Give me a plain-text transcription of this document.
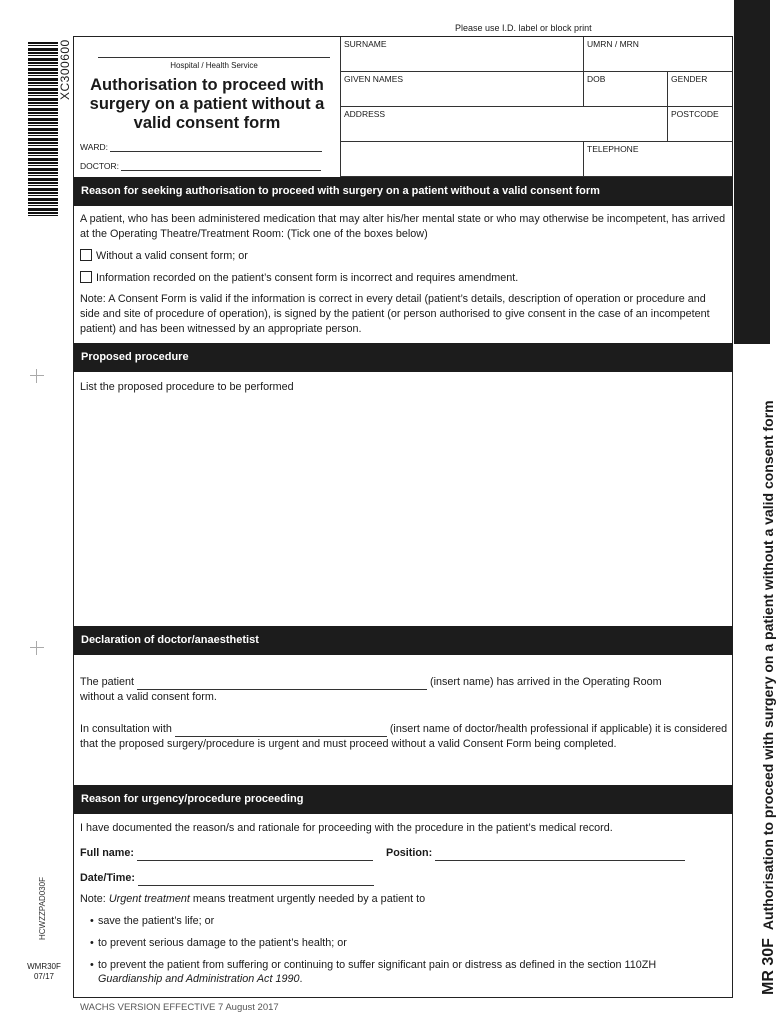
Please use I.D. label or block print
XC300600	Hospital / Health Service
Authorisation to proceed with surgery on a patient without a valid consent form
WARD:
DOCTOR:
SURNAME	UMRN / MRN
GIVEN NAMES	DOB	GENDER
ADDRESS	POSTCODE
TELEPHONE
Reason for seeking authorisation to proceed with surgery on a patient without a valid consent form
A patient, who has been administered medication that may alter his/her mental state or who may otherwise be incompetent, has arrived at the Operating Theatre/Treatment Room: (Tick one of the boxes below)
Without a valid consent form; or
Information recorded on the patient’s consent form is incorrect and requires amendment.
Note: A Consent Form is valid if the information is correct in every detail (patient’s details, description of operation or procedure and side and site of procedure of operation), is signed by the patient (or person authorised to give consent in the case of an incompetent patient) and has been witnessed by an appropriate person.
Proposed procedure
List the proposed procedure to be performed
Declaration of doctor/anaesthetist
The patient	(insert name) has arrived in the Operating Room
without a valid consent form.
In consultation with	(insert name of doctor/health professional if applicable) it is considered that the proposed surgery/procedure is urgent and must proceed without a valid Consent Form being completed.
Reason for urgency/procedure proceeding
I have documented the reason/s and rationale for proceeding with the procedure in the patient’s medical record.
Full name:	Position:
Date/Time:
Note: Urgent treatment means treatment urgently needed by a patient to
• save the patient’s life; or
• to prevent serious damage to the patient’s health; or
• to prevent the patient from suffering or continuing to suffer significant pain or distress as defined in the section 110ZH Guardianship and Administration Act 1990.	MR 30FAuthorisation to proceed with surgery on a patient without a valid consent form
HCWZZPAD030F
WMR30F
07/17
WACHS VERSION EFFECTIVE 7 August 2017
